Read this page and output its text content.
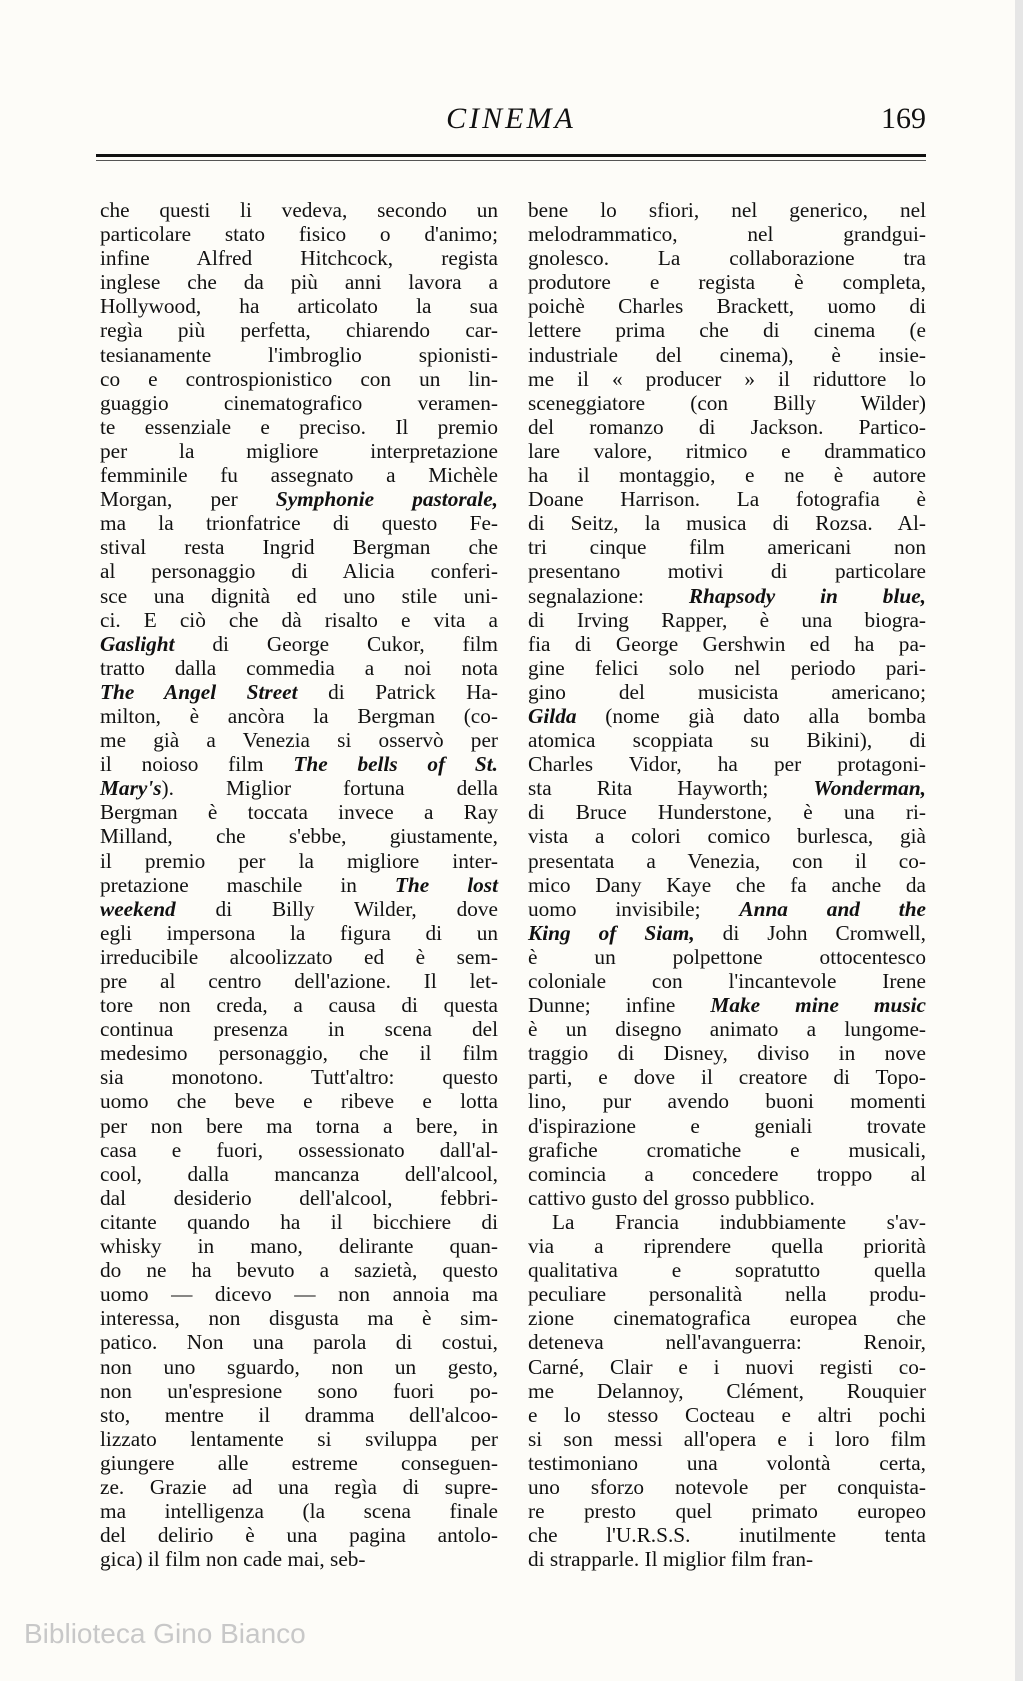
CINEMA	169
che questi li vedeva, secondo un
particolare stato fisico o d'animo;
infine Alfred Hitchcock, regista
inglese che da più anni lavora a
Hollywood, ha articolato la sua
regìa più perfetta, chiarendo car-
tesianamente l'imbroglio spionisti-
co e controspionistico con un lin-
guaggio cinematografico veramen-
te essenziale e preciso. Il premio
per la migliore interpretazione
femminile fu assegnato a Michèle
Morgan, per Symphonie pastorale,
ma la trionfatrice di questo Fe-
stival resta Ingrid Bergman che
al personaggio di Alicia conferi-
sce una dignità ed uno stile uni-
ci. E ciò che dà risalto e vita a
Gaslight di George Cukor, film
tratto dalla commedia a noi nota
The Angel Street di Patrick Ha-
milton, è ancòra la Bergman (co-
me già a Venezia si osservò per
il noioso film The bells of St.
Mary's). Miglior fortuna della
Bergman è toccata invece a Ray
Milland, che s'ebbe, giustamente,
il premio per la migliore inter-
pretazione maschile in The lost
weekend di Billy Wilder, dove
egli impersona la figura di un
irreducibile alcoolizzato ed è sem-
pre al centro dell'azione. Il let-
tore non creda, a causa di questa
continua presenza in scena del
medesimo personaggio, che il film
sia monotono. Tutt'altro: questo
uomo che beve e ribeve e lotta
per non bere ma torna a bere, in
casa e fuori, ossessionato dall'al-
cool, dalla mancanza dell'alcool,
dal desiderio dell'alcool, febbri-
citante quando ha il bicchiere di
whisky in mano, delirante quan-
do ne ha bevuto a sazietà, questo
uomo — dicevo — non annoia ma
interessa, non disgusta ma è sim-
patico. Non una parola di costui,
non uno sguardo, non un gesto,
non un'espresione sono fuori po-
sto, mentre il dramma dell'alcoo-
lizzato lentamente si sviluppa per
giungere alle estreme conseguen-
ze. Grazie ad una regìa di supre-
ma intelligenza (la scena finale
del delirio è una pagina antolo-
gica) il film non cade mai, seb-
bene lo sfiori, nel generico, nel
melodrammatico, nel grandgui-
gnolesco. La collaborazione tra
produtore e regista è completa,
poichè Charles Brackett, uomo di
lettere prima che di cinema (e
industriale del cinema), è insie-
me il « producer » il riduttore lo
sceneggiatore (con Billy Wilder)
del romanzo di Jackson. Partico-
lare valore, ritmico e drammatico
ha il montaggio, e ne è autore
Doane Harrison. La fotografia è
di Seitz, la musica di Rozsa. Al-
tri cinque film americani non
presentano motivi di particolare
segnalazione: Rhapsody in blue,
di Irving Rapper, è una biogra-
fia di George Gershwin ed ha pa-
gine felici solo nel periodo pari-
gino del musicista americano;
Gilda (nome già dato alla bomba
atomica scoppiata su Bikini), di
Charles Vidor, ha per protagoni-
sta Rita Hayworth; Wonderman,
di Bruce Hunderstone, è una ri-
vista a colori comico burlesca, già
presentata a Venezia, con il co-
mico Dany Kaye che fa anche da
uomo invisibile; Anna and the
King of Siam, di John Cromwell,
è un polpettone ottocentesco
coloniale con l'incantevole Irene
Dunne; infine Make mine music
è un disegno animato a lungome-
traggio di Disney, diviso in nove
parti, e dove il creatore di Topo-
lino, pur avendo buoni momenti
d'ispirazione e geniali trovate
grafiche cromatiche e musicali,
comincia a concedere troppo al
cattivo gusto del grosso pubblico.
La Francia indubbiamente s'av-
via a riprendere quella priorità
qualitativa e sopratutto quella
peculiare personalità nella produ-
zione cinematografica europea che
deteneva nell'avanguerra: Renoir,
Carné, Clair e i nuovi registi co-
me Delannoy, Clément, Rouquier
e lo stesso Cocteau e altri pochi
si son messi all'opera e i loro film
testimoniano una volontà certa,
uno sforzo notevole per conquista-
re presto quel primato europeo
che l'U.R.S.S. inutilmente tenta
di strapparle. Il miglior film fran-
Biblioteca Gino Bianco
